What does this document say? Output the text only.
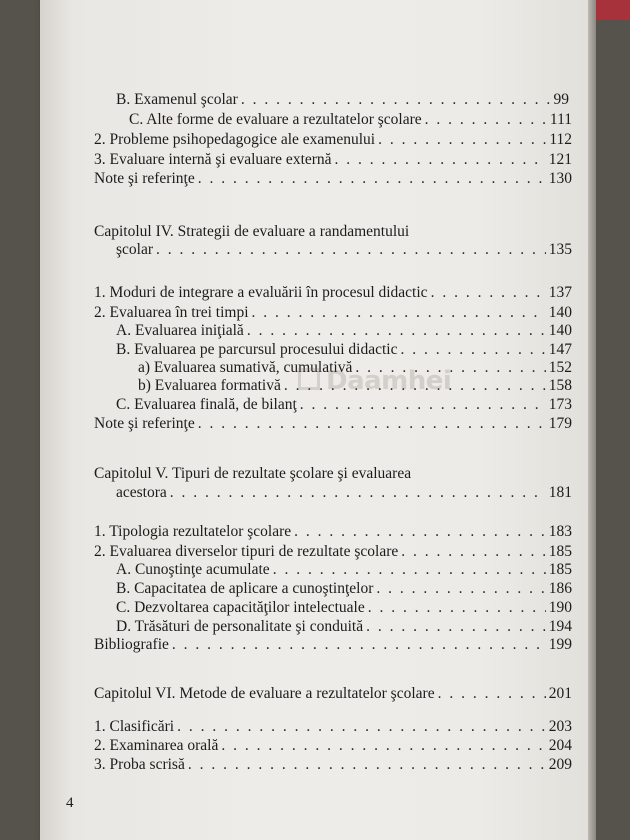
B. Examenul şcolar . . .	99
C. Alte forme de evaluare a rezultatelor şcolare . . .	111
2. Probleme psihopedagogice ale examenului . . .	112
3. Evaluare internă şi evaluare externă . . .	121
Note şi referinţe . . .	130
Capitolul IV. Strategii de evaluare a randamentului
şcolar . . .	135
1. Moduri de integrare a evaluării în procesul didactic . . .	137
2. Evaluarea în trei timpi . . .	140
A. Evaluarea iniţială . . .	140
B. Evaluarea pe parcursul procesului didactic . . .	147
a) Evaluarea sumativă, cumulativă . . .	152
b) Evaluarea formativă . . .	158
C. Evaluarea finală, de bilanţ . . .	173
Note şi referinţe . . .	179
Capitolul V. Tipuri de rezultate şcolare şi evaluarea
acestora . . .	181
1. Tipologia rezultatelor şcolare . . .	183
2. Evaluarea diverselor tipuri de rezultate şcolare . . .	185
A. Cunoştinţe acumulate . . .	185
B. Capacitatea de aplicare a cunoştinţelor . . .	186
C. Dezvoltarea capacităţilor intelectuale . . .	190
D. Trăsături de personalitate şi conduită . . .	194
Bibliografie . . .	199
Capitolul VI. Metode de evaluare a rezultatelor şcolare . . .	201
1. Clasificări . . .	203
2. Examinarea orală . . .	204
3. Proba scrisă . . .	209
Daamhei
4
